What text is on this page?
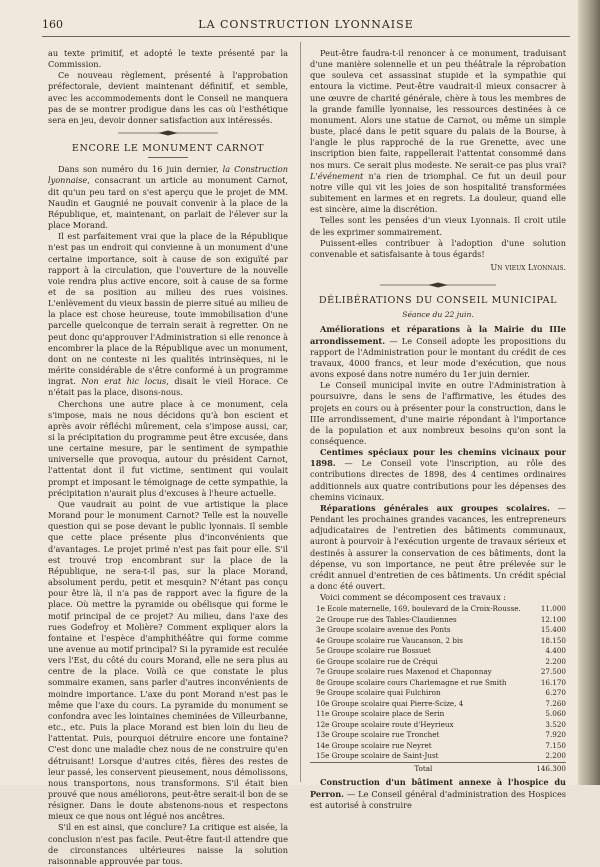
LA CONSTRUCTION LYONNAISE
160

au texte primitif, et adopté le texte présenté par la Commission.

Ce nouveau règlement, présenté à l'approbation préfectorale, devient maintenant définitif, et semble, avec les accommodements dont le Conseil ne manquera pas de se montrer prodigue dans les cas où l'esthétique sera en jeu, devoir donner satisfaction aux intéressés.

ENCORE LE MONUMENT CARNOT

Dans son numéro du 16 juin dernier, la Construction lyonnaise, consacrant un article au monument Carnot, dit qu'un peu tard on s'est aperçu que le projet de MM. Naudin et Gaugnié ne pouvait convenir à la place de la République, et, maintenant, on parlait de l'élever sur la place Morand.

Il est parfaitement vrai que la place de la République n'est pas un endroit qui convienne à un monument d'une certaine importance, soit à cause de son exiguïté par rapport à la circulation, que l'ouverture de la nouvelle voie rendra plus active encore, soit à cause de sa forme et de sa position au milieu des rues voisines. L'enlèvement du vieux bassin de pierre situé au milieu de la place est chose heureuse, toute immobilisation d'une parcelle quelconque de terrain serait à regretter. On ne peut donc qu'approuver l'Administration si elle renonce à encombrer la place de la République avec un monument, dont on ne conteste ni les qualités intrinsèques, ni le mérite considérable de s'être conformé à un programme ingrat. Non erat hic locus, disait le vieil Horace. Ce n'était pas la place, disons-nous.

Cherchons une autre place à ce monument, cela s'impose, mais ne nous décidons qu'à bon escient et après avoir réfléchi mûrement, cela s'impose aussi, car, si la précipitation du programme peut être excusée, dans une certaine mesure, par le sentiment de sympathie universelle que provoqua, autour du président Carnot, l'attentat dont il fut victime, sentiment qui voulait prompt et imposant le témoignage de cette sympathie, la précipitation n'aurait plus d'excuses à l'heure actuelle.

Que vaudrait au point de vue artistique la place Morand pour le monument Carnot? Telle est la nouvelle question qui se pose devant le public lyonnais. Il semble que cette place présente plus d'inconvénients que d'avantages. Le projet primé n'est pas fait pour elle. S'il est trouvé trop encombrant sur la place de la République, ne sera-t-il pas, sur la place Morand, absolument perdu, petit et mesquin? N'étant pas conçu pour être là, il n'a pas de rapport avec la figure de la place. Où mettre la pyramide ou obélisque qui forme le motif principal de ce projet? Au milieu, dans l'axe des rues Godefroy et Molière? Comment expliquer alors la fontaine et l'espèce d'amphithéâtre qui forme comme une avenue au motif principal? Si la pyramide est reculée vers l'Est, du côté du cours Morand, elle ne sera plus au centre de la place. Voilà ce que constate le plus sommaire examen, sans parler d'autres inconvénients de moindre importance. L'axe du pont Morand n'est pas le même que l'axe du cours. La pyramide du monument se confondra avec les lointaines cheminées de Villeurbanne, etc., etc. Puis la place Morand est bien loin du lieu de l'attentat. Puis, pourquoi détruire encore une fontaine? C'est donc une maladie chez nous de ne construire qu'en détruisant! Lorsque d'autres cités, fières des restes de leur passé, les conservent pieusement, nous démolissons, nous transportons, nous transformons. S'il était bien prouvé que nous améliorons, peut-être serait-il bon de se résigner. Dans le doute abstenons-nous et respectons mieux ce que nous ont légué nos ancêtres.

S'il en est ainsi, que conclure? La critique est aisée, la conclusion n'est pas facile. Peut-être faut-il attendre que de circonstances ultérieures naisse la solution raisonnable approuvée par tous.

Peut-être faudra-t-il renoncer à ce monument, traduisant d'une manière solennelle et un peu théâtrale la réprobation que souleva cet assassinat stupide et la sympathie qui entoura la victime. Peut-être vaudrait-il mieux consacrer à une œuvre de charité générale, chère à tous les membres de la grande famille lyonnaise, les ressources destinées à ce monument. Alors une statue de Carnot, ou même un simple buste, placé dans le petit square du palais de la Bourse, à l'angle le plus rapproché de la rue Grenette, avec une inscription bien faite, rappellerait l'attentat consommé dans nos murs. Ce serait plus modeste. Ne serait-ce pas plus vrai? L'événement n'a rien de triomphal. Ce fut un deuil pour notre ville qui vit les joies de son hospitalité transformées subitement en larmes et en regrets. La douleur, quand elle est sincère, aime la discrétion.

Telles sont les pensées d'un vieux Lyonnais. Il croit utile de les exprimer sommairement.

Puissent-elles contribuer à l'adoption d'une solution convenable et satisfaisante à tous égards!

Un vieux Lyonnais.
DÉLIBÉRATIONS DU CONSEIL MUNICIPAL
Séance du 22 juin.

Améliorations et réparations à la Mairie du IIIe arrondissement. — Le Conseil adopte les propositions du rapport de l'Administration pour le montant du crédit de ces travaux, 4000 francs, et leur mode d'exécution, que nous avons exposé dans notre numéro du 1er juin dernier.

Le Conseil municipal invite en outre l'Administration à poursuivre, dans le sens de l'affirmative, les études des projets en cours ou à présenter pour la construction, dans le IIIe arrondissement, d'une mairie répondant à l'importance de la population et aux nombreux besoins qu'on sont la conséquence.

Centimes spéciaux pour les chemins vicinaux pour 1898. — Le Conseil vote l'inscription, au rôle des contributions directes de 1898, des 4 centimes ordinaires additionnels aux quatre contributions pour les dépenses des chemins vicinaux.

Réparations générales aux groupes scolaires. — Pendant les prochaines grandes vacances, les entrepreneurs adjudicataires de l'entretien des bâtiments communaux, auront à pourvoir à l'exécution urgente de travaux sérieux et destinés à assurer la conservation de ces bâtiments, dont la dépense, vu son importance, ne peut être prélevée sur le crédit annuel d'entretien de ces bâtiments. Un crédit spécial a donc été ouvert.

Voici comment se décomposent ces travaux :

1e Ecole maternelle, 169, boulevard de la Croix-Rousse.	11.000
2e Groupe rue des Tables-Claudiennes	12.100
3e Groupe scolaire avenue des Ponts	15.400
4e Groupe scolaire rue Vaucanson, 2 bis	18.150
5e Groupe scolaire rue Bossuet	4.400
6e Groupe scolaire rue de Créqui	2.200
7e Groupe scolaire rues Maxenod et Chaponnay	27.500
8e Groupe scolaire cours Charlemagne et rue Smith	16.170
9e Groupe scolaire quai Fulchiron	6.270
10e Groupe scolaire quai Pierre-Scize, 4	7.260
11e Groupe scolaire place de Serin	5.060
12e Groupe scolaire route d'Heyrieux	3.520
13e Groupe scolaire rue Tronchet	7.920
14e Groupe scolaire rue Neyret	7.150
15e Groupe scolaire de Saint-Just	2.200
Total	146.300

Construction d'un bâtiment annexe à l'hospice du Perron. — Le Conseil général d'administration des Hospices est autorisé à construire
